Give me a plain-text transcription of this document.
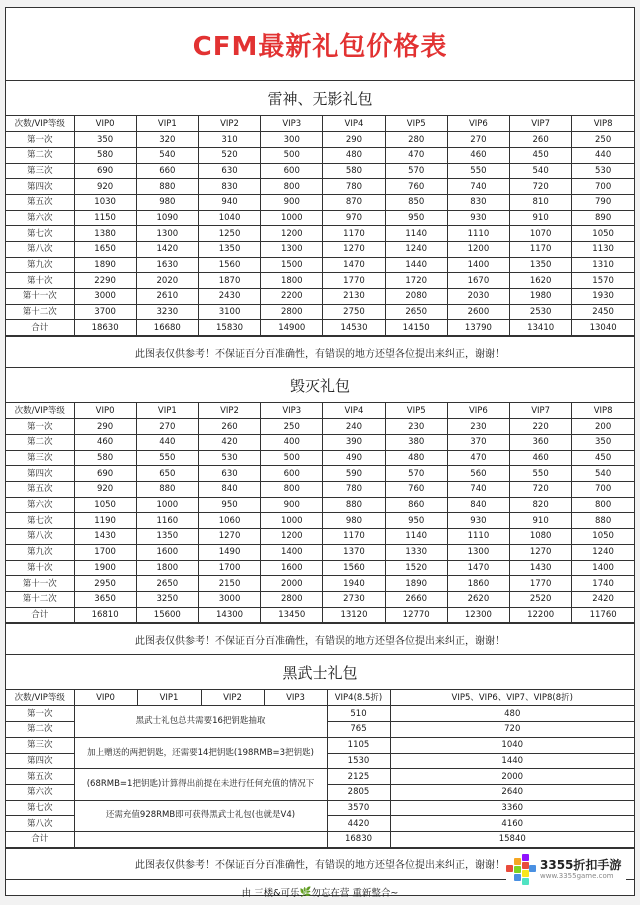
CFM最新礼包价格表
雷神、无影礼包
次数/VIP等级	VIP0	VIP1	VIP2	VIP3	VIP4	VIP5	VIP6	VIP7	VIP8
第一次	350	320	310	300	290	280	270	260	250
第二次	580	540	520	500	480	470	460	450	440
第三次	690	660	630	600	580	570	550	540	530
第四次	920	880	830	800	780	760	740	720	700
第五次	1030	980	940	900	870	850	830	810	790
第六次	1150	1090	1040	1000	970	950	930	910	890
第七次	1380	1300	1250	1200	1170	1140	1110	1070	1050
第八次	1650	1420	1350	1300	1270	1240	1200	1170	1130
第九次	1890	1630	1560	1500	1470	1440	1400	1350	1310
第十次	2290	2020	1870	1800	1770	1720	1670	1620	1570
第十一次	3000	2610	2430	2200	2130	2080	2030	1980	1930
第十二次	3700	3230	3100	2800	2750	2650	2600	2530	2450
合计	18630	16680	15830	14900	14530	14150	13790	13410	13040
此图表仅供参考！不保证百分百准确性，有错误的地方还望各位提出来纠正，谢谢！
毁灭礼包
次数/VIP等级	VIP0	VIP1	VIP2	VIP3	VIP4	VIP5	VIP6	VIP7	VIP8
第一次	290	270	260	250	240	230	230	220	200
第二次	460	440	420	400	390	380	370	360	350
第三次	580	550	530	500	490	480	470	460	450
第四次	690	650	630	600	590	570	560	550	540
第五次	920	880	840	800	780	760	740	720	700
第六次	1050	1000	950	900	880	860	840	820	800
第七次	1190	1160	1060	1000	980	950	930	910	880
第八次	1430	1350	1270	1200	1170	1140	1110	1080	1050
第九次	1700	1600	1490	1400	1370	1330	1300	1270	1240
第十次	1900	1800	1700	1600	1560	1520	1470	1430	1400
第十一次	2950	2650	2150	2000	1940	1890	1860	1770	1740
第十二次	3650	3250	3000	2800	2730	2660	2620	2520	2420
合计	16810	15600	14300	13450	13120	12770	12300	12200	11760
此图表仅供参考！不保证百分百准确性，有错误的地方还望各位提出来纠正，谢谢！
黑武士礼包
次数/VIP等级	VIP0	VIP1	VIP2	VIP3	VIP4(8.5折)	VIP5、VIP6、VIP7、VIP8(8折)
第一次	黑武士礼包总共需要16把钥匙抽取				510	480
第二次					765	720
第三次	加上赠送的两把钥匙，还需要14把钥匙(198RMB=3把钥匙)				1105	1040
第四次					1530	1440
第五次	(68RMB=1把钥匙)计算得出前提在未进行任何充值的情况下				2125	2000
第六次					2805	2640
第七次	还需充值928RMB即可获得黑武士礼包(也就是V4)				3570	3360
第八次					4420	4160
合计					16830	15840
此图表仅供参考！不保证百分百准确性，有错误的地方还望各位提出来纠正，谢谢！
由 三楼&可乐 🌿 勿忘在营 重新整合~
3355折扣手游
www.3355game.com
